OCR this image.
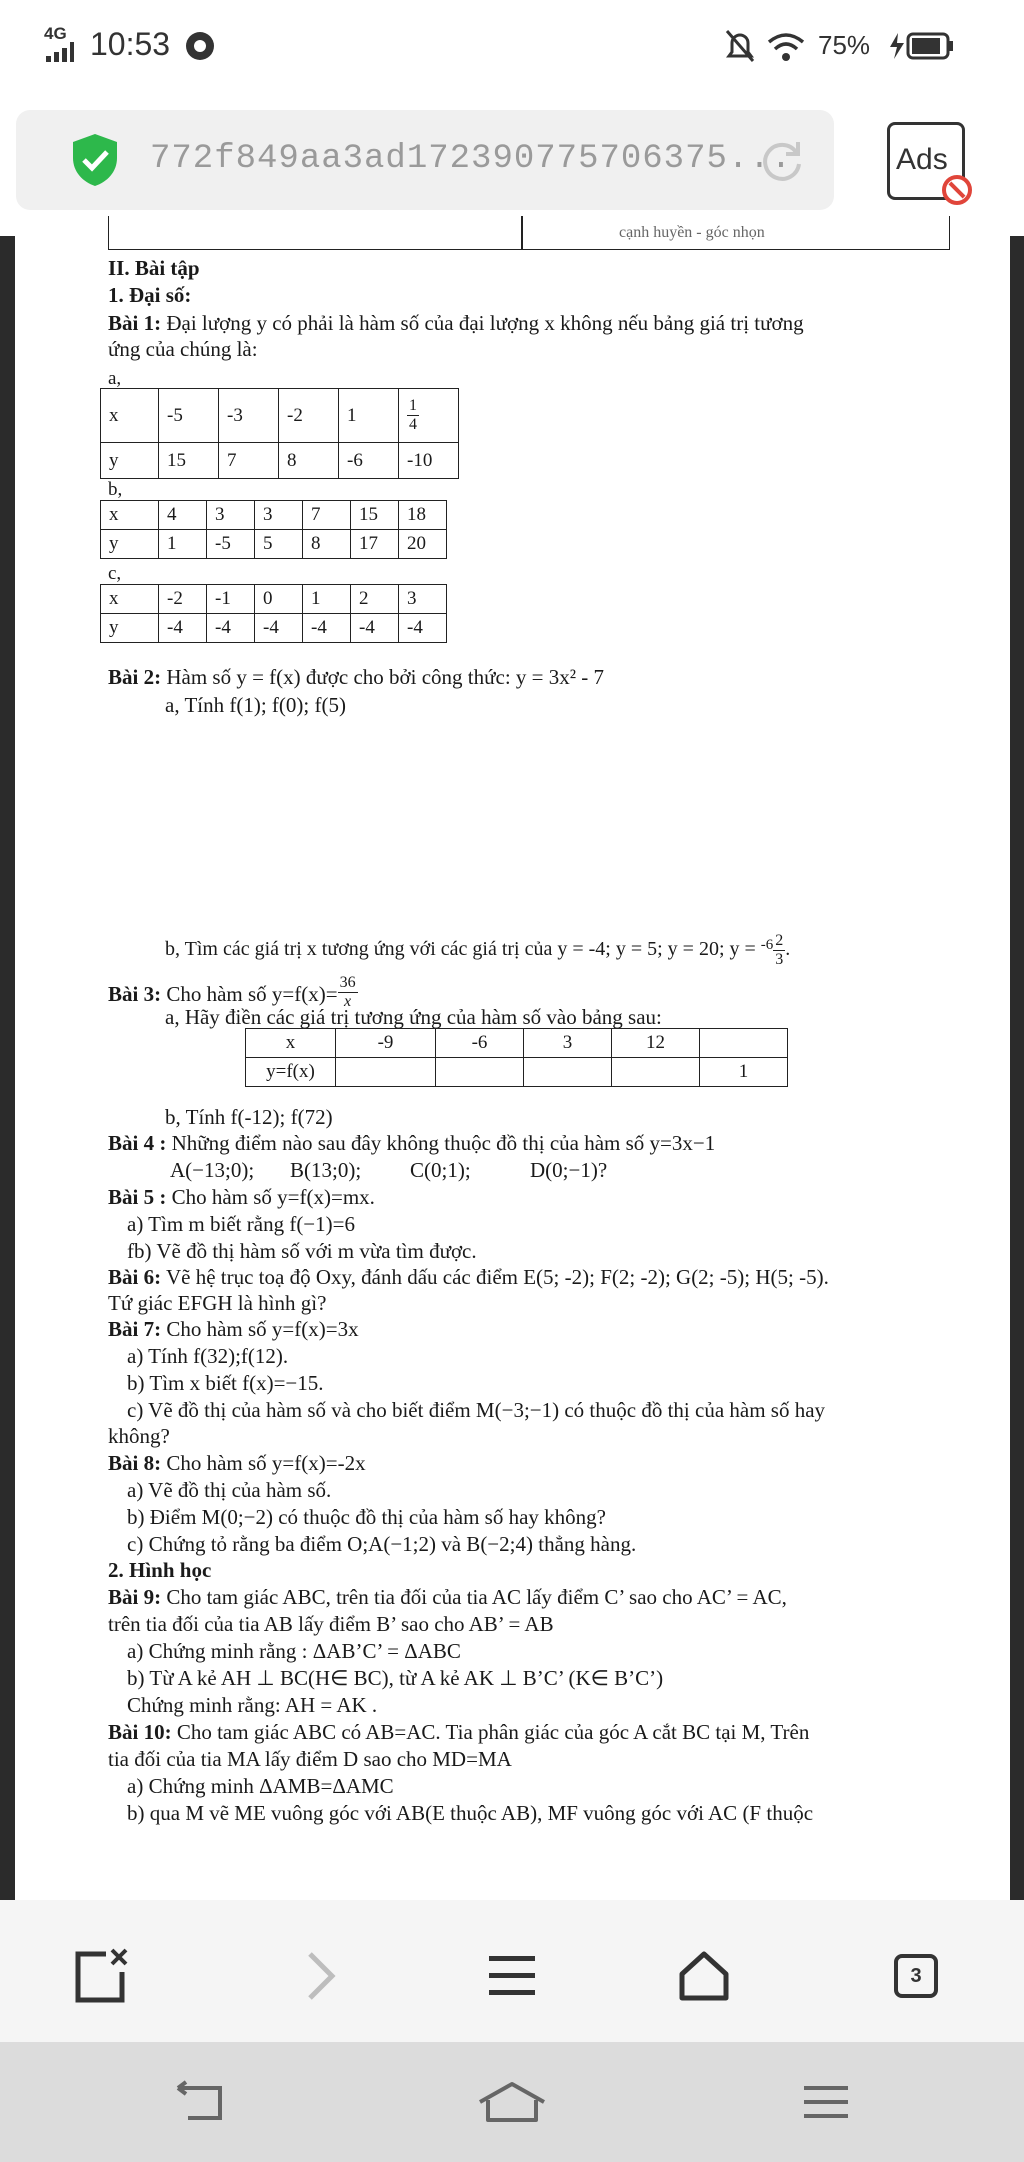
4G 10:53	75%
772f849aa3ad17239077570637​5...	Ads
cạnh huyền - góc nhọn
II. Bài tập
1. Đại số:
Bài 1: Đại lượng y có phải là hàm số của đại lượng x không nếu bảng giá trị tương
ứng của chúng là:
a,
x	-5	-3	-2	1	$\frac{1}{4}$

y	15	7	8	-6	-10
b,
x	4	3	3	7	15	18
y	1	-5	5	8	17	20
c,
x	-2	-1	0	1	2	3
y	-4	-4	-4	-4	-4	-4
Bài 2: Hàm số y = f(x) được cho bởi công thức: y = 3x² - 7
a, Tính f(1); f(0); f(5)
b, Tìm các giá trị x tương ứng với các giá trị của y = -4; y = 5; y = 20; $y = ^{-6} \frac{2}{3}$ .
Bài 3: Cho hàm số $y=f(x)= \frac{36}{x}$
a, Hãy điền các giá trị tương ứng của hàm số vào bảng sau:
x	-9	-6	3	12	
y=f(x)					1
b, Tính f(-12); f(72)
Bài 4 : Những điểm nào sau đây không thuộc đồ thị của hàm số y=3x−1
A(−13;0); B(13;0); C(0;1);	D(0;−1)?
Bài 5 : Cho hàm số y=f(x)=mx.
a) Tìm m biết rằng f(−1)=6
fb) Vẽ đồ thị hàm số với m vừa tìm được.
Bài 6: Vẽ hệ trục toạ độ Oxy, đánh dấu các điểm E(5; -2); F(2; -2); G(2; -5); H(5; -5).
Tứ giác EFGH là hình gì?
Bài 7: Cho hàm số y=f(x)=3x
a) Tính f(32);f(12).
b) Tìm x biết f(x)=−15.
c) Vẽ đồ thị của hàm số và cho biết điểm M(−3;−1) có thuộc đồ thị của hàm số hay
không?
Bài 8: Cho hàm số y=f(x)=-2x
a) Vẽ đồ thị của hàm số.
b) Điểm M(0;−2) có thuộc đồ thị của hàm số hay không?
c) Chứng tỏ rằng ba điểm O;A(−1;2) và B(−2;4) thẳng hàng.
2. Hình học
Bài 9: Cho tam giác ABC, trên tia đối của tia AC lấy điểm C’ sao cho AC’ = AC,
trên tia đối của tia AB lấy điểm B’ sao cho AB’ = AB
a) Chứng minh rằng : ΔAB’C’ = ΔABC
b) Từ A kẻ AH ⊥ BC(H∈ BC), từ A kẻ AK ⊥ B’C’ (K∈ B’C’)
Chứng minh rằng: AH = AK .
Bài 10: Cho tam giác ABC có AB=AC. Tia phân giác của góc A cắt BC tại M, Trên
tia đối của tia MA lấy điểm D sao cho MD=MA
a) Chứng minh ΔAMB=ΔAMC
b) qua M vẽ ME vuông góc với AB(E thuộc AB), MF vuông góc với AC (F thuộc
3
